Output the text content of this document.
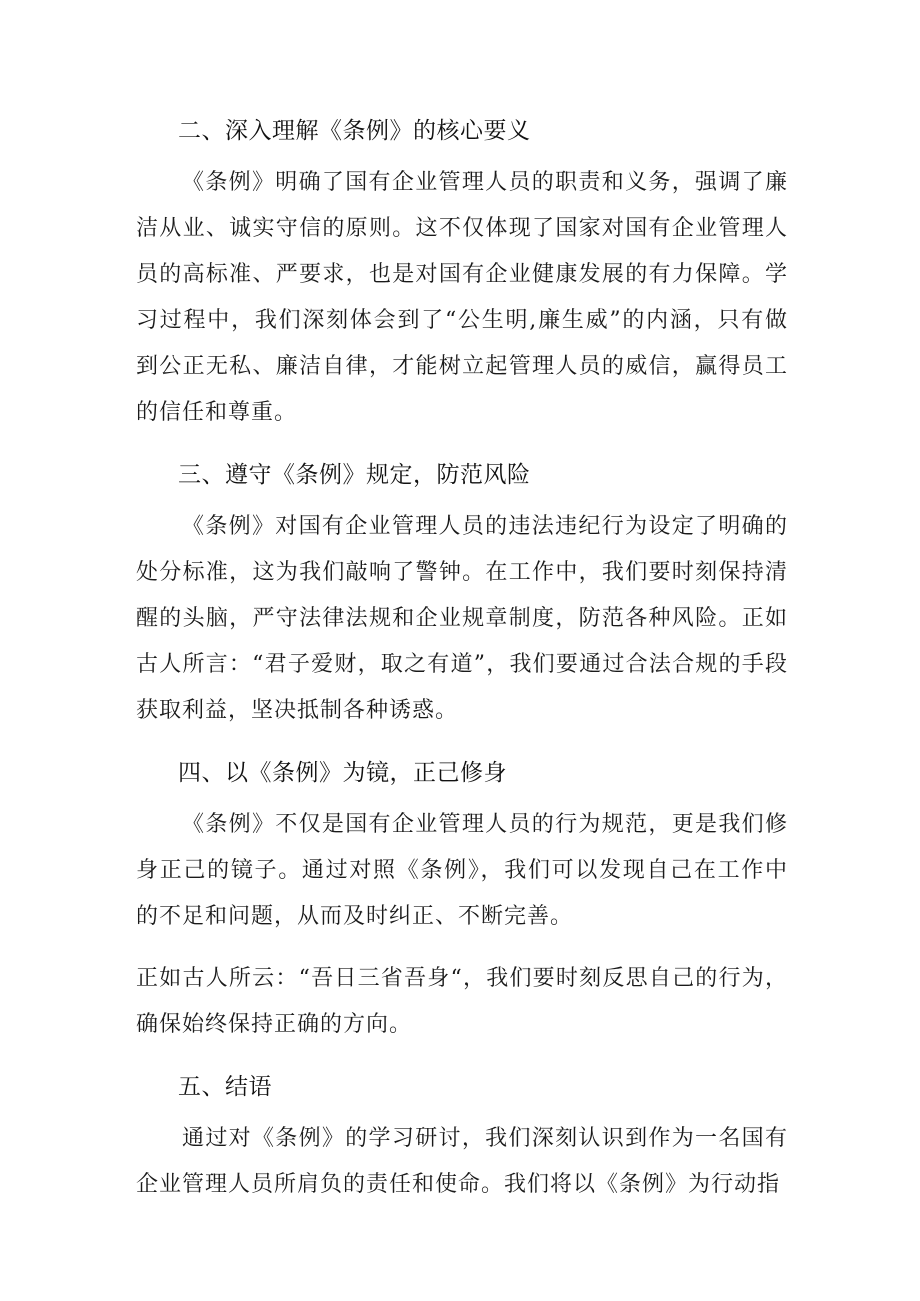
二、深入理解《条例》的核心要义

《条例》明确了国有企业管理人员的职责和义务，强调了廉洁从业、诚实守信的原则。这不仅体现了国家对国有企业管理人员的高标准、严要求，也是对国有企业健康发展的有力保障。学习过程中，我们深刻体会到了“公生明,廉生威”的内涵，只有做到公正无私、廉洁自律，才能树立起管理人员的威信，赢得员工的信任和尊重。

三、遵守《条例》规定，防范风险

《条例》对国有企业管理人员的违法违纪行为设定了明确的处分标准，这为我们敲响了警钟。在工作中，我们要时刻保持清醒的头脑，严守法律法规和企业规章制度，防范各种风险。正如古人所言：“君子爱财，取之有道”，我们要通过合法合规的手段获取利益，坚决抵制各种诱惑。

四、以《条例》为镜，正己修身

《条例》不仅是国有企业管理人员的行为规范，更是我们修身正己的镜子。通过对照《条例》，我们可以发现自己在工作中的不足和问题，从而及时纠正、不断完善。

正如古人所云：“吾日三省吾身“，我们要时刻反思自己的行为，确保始终保持正确的方向。

五、结语

通过对《条例》的学习研讨，我们深刻认识到作为一名国有企业管理人员所肩负的责任和使命。我们将以《条例》为行动指
